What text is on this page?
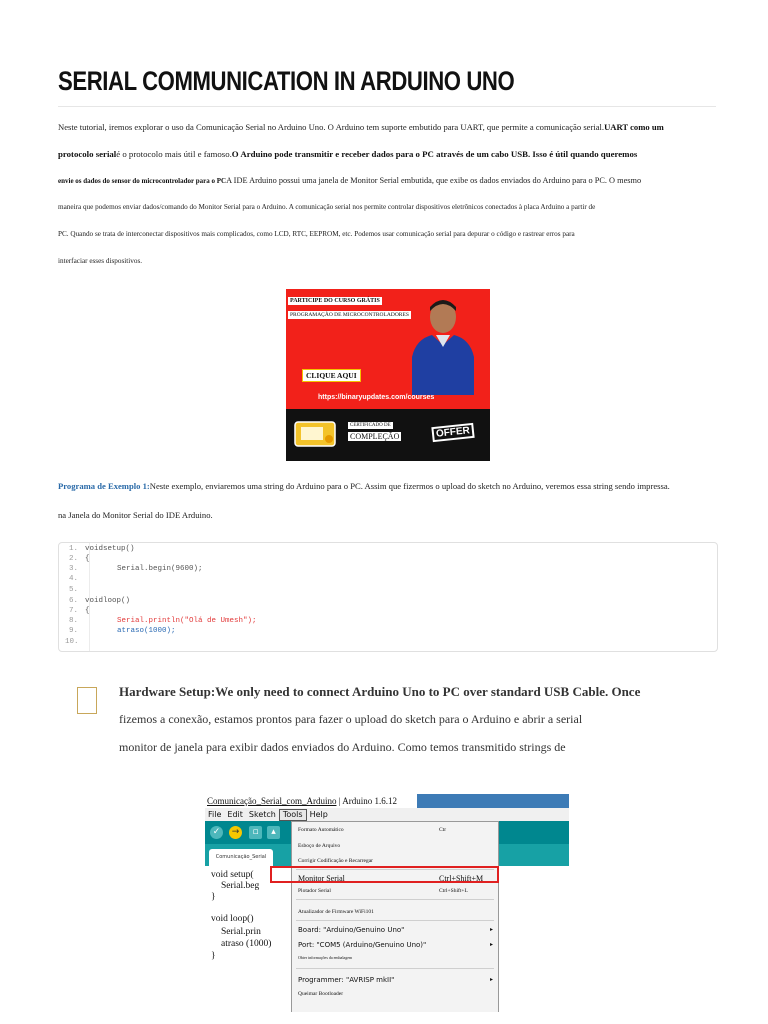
SERIAL COMMUNICATION IN ARDUINO UNO
Neste tutorial, iremos explorar o uso da Comunicação Serial no Arduino Uno. O Arduino tem suporte embutido para UART, que permite a comunicação serial.UART como um
protocolo serialé o protocolo mais útil e famoso.O Arduino pode transmitir e receber dados para o PC através de um cabo USB. Isso é útil quando queremos
envie os dados do sensor do microcontrolador para o PCA IDE Arduino possui uma janela de Monitor Serial embutida, que exibe os dados enviados do Arduino para o PC. O mesmo
maneira que podemos enviar dados/comando do Monitor Serial para o Arduino. A comunicação serial nos permite controlar dispositivos eletrônicos conectados à placa Arduino a partir de
PC. Quando se trata de interconectar dispositivos mais complicados, como LCD, RTC, EEPROM, etc. Podemos usar comunicação serial para depurar o código e rastrear erros para
interfaciar esses dispositivos.
PARTICIPE DO CURSO GRÁTIS
PROGRAMAÇÃO DE MICROCONTROLADORES
CLIQUE AQUI
https://binaryupdates.com/courses
CERTIFICADO DE
COMPLEÇÃO	OFFER
Programa de Exemplo 1:Neste exemplo, enviaremos uma string do Arduino para o PC. Assim que fizermos o upload do sketch no Arduino, veremos essa string sendo impressa.
na Janela do Monitor Serial do IDE Arduino.
1. voidsetup()
2. {
3.	Serial.begin(9600);
4.
5.
6. voidloop()
7. {
8.	Serial.println("Olá de Umesh");
9.	atraso(1000);
10.
Hardware Setup:We only need to connect Arduino Uno to PC over standard USB Cable. Once
fizemos a conexão, estamos prontos para fazer o upload do sketch para o Arduino e abrir a serial
monitor de janela para exibir dados enviados do Arduino. Como temos transmitido strings de
Comunicação_Serial_com_Arduino | Arduino 1.6.12
File Edit Sketch Tools Help
✓	→	▫	▴
Comunicação_Serial
void setup(
Serial.beg
}
void loop()
Serial.prin
atraso (1000)
}
Formato Automático	Ctr
Esboço de Arquivo
Corrigir Codificação e Recarregar
Monitor Serial	Ctrl+Shift+M
Plotador Serial	Ctrl+Shift+L
Atualizador de Firmware WiFi101
Board: "Arduino/Genuino Uno"	▸
Port: "COM5 (Arduino/Genuino Uno)"	▸
Obter informações da embalagem
Programmer: "AVRISP mkII"	▸
Queimar Bootloader
